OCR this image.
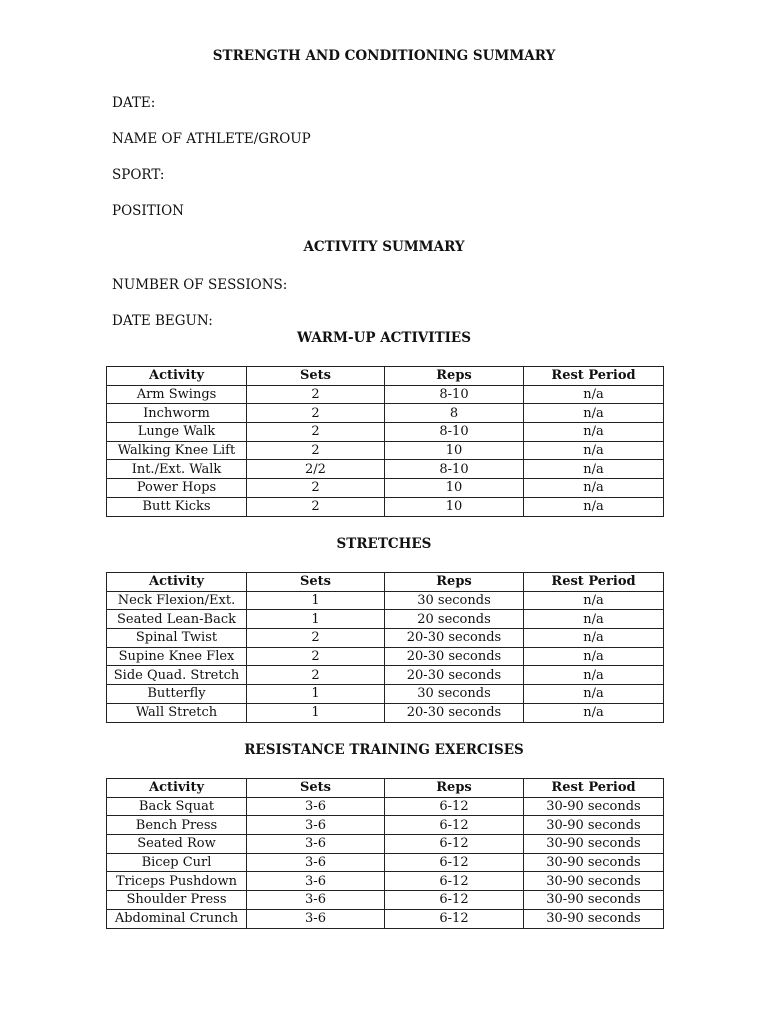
STRENGTH AND CONDITIONING SUMMARY
DATE:
NAME OF ATHLETE/GROUP
SPORT:
POSITION
ACTIVITY SUMMARY
NUMBER OF SESSIONS:
DATE BEGUN:
WARM-UP ACTIVITIES
Activity	Sets	Reps	Rest Period
Arm Swings	2	8-10	n/a
Inchworm	2	8	n/a
Lunge Walk	2	8-10	n/a
Walking Knee Lift	2	10	n/a
Int./Ext. Walk	2/2	8-10	n/a
Power Hops	2	10	n/a
Butt Kicks	2	10	n/a
STRETCHES
Activity	Sets	Reps	Rest Period
Neck Flexion/Ext.	1	30 seconds	n/a
Seated Lean-Back	1	20 seconds	n/a
Spinal Twist	2	20-30 seconds	n/a
Supine Knee Flex	2	20-30 seconds	n/a
Side Quad. Stretch	2	20-30 seconds	n/a
Butterfly	1	30 seconds	n/a
Wall Stretch	1	20-30 seconds	n/a
RESISTANCE TRAINING EXERCISES
Activity	Sets	Reps	Rest Period
Back Squat	3-6	6-12	30-90 seconds
Bench Press	3-6	6-12	30-90 seconds
Seated Row	3-6	6-12	30-90 seconds
Bicep Curl	3-6	6-12	30-90 seconds
Triceps Pushdown	3-6	6-12	30-90 seconds
Shoulder Press	3-6	6-12	30-90 seconds
Abdominal Crunch	3-6	6-12	30-90 seconds
